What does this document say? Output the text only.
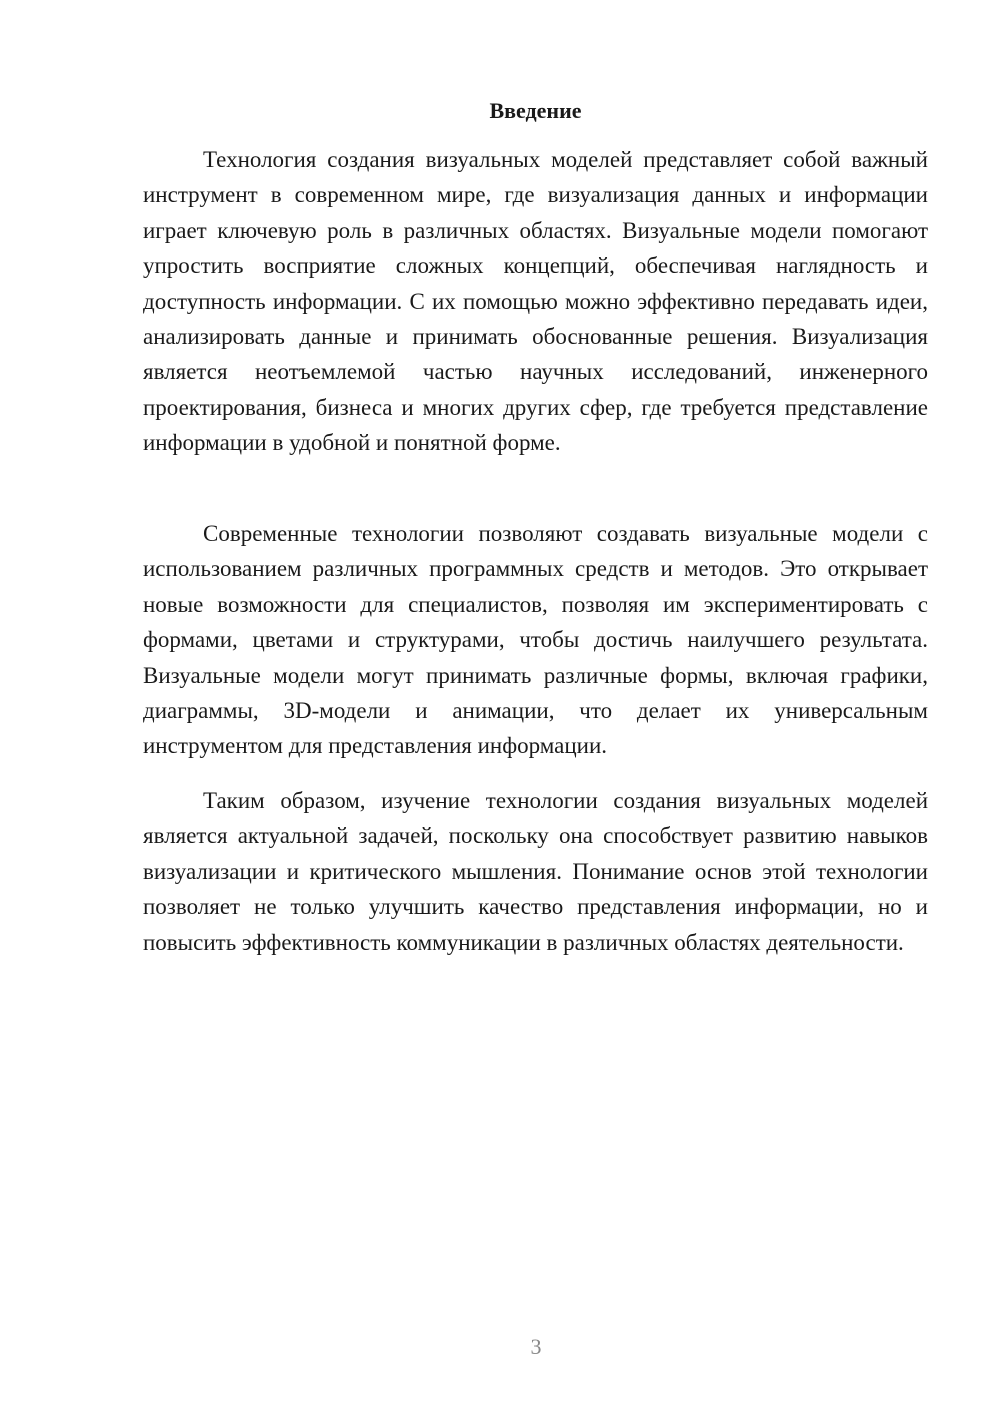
Введение

Технология создания визуальных моделей представляет собой важный инструмент в современном мире, где визуализация данных и информации играет ключевую роль в различных областях. Визуальные модели помогают упростить восприятие сложных концепций, обеспечивая наглядность и доступность информации. С их помощью можно эффективно передавать идеи, анализировать данные и принимать обоснованные решения. Визуализация является неотъемлемой частью научных исследований, инженерного проектирования, бизнеса и многих других сфер, где требуется представление информации в удобной и понятной форме.

Современные технологии позволяют создавать визуальные модели с использованием различных программных средств и методов. Это открывает новые возможности для специалистов, позволяя им экспериментировать с формами, цветами и структурами, чтобы достичь наилучшего результата. Визуальные модели могут принимать различные формы, включая графики, диаграммы, 3D-модели и анимации, что делает их универсальным инструментом для представления информации.

Таким образом, изучение технологии создания визуальных моделей является актуальной задачей, поскольку она способствует развитию навыков визуализации и критического мышления. Понимание основ этой технологии позволяет не только улучшить качество представления информации, но и повысить эффективность коммуникации в различных областях деятельности.

3
